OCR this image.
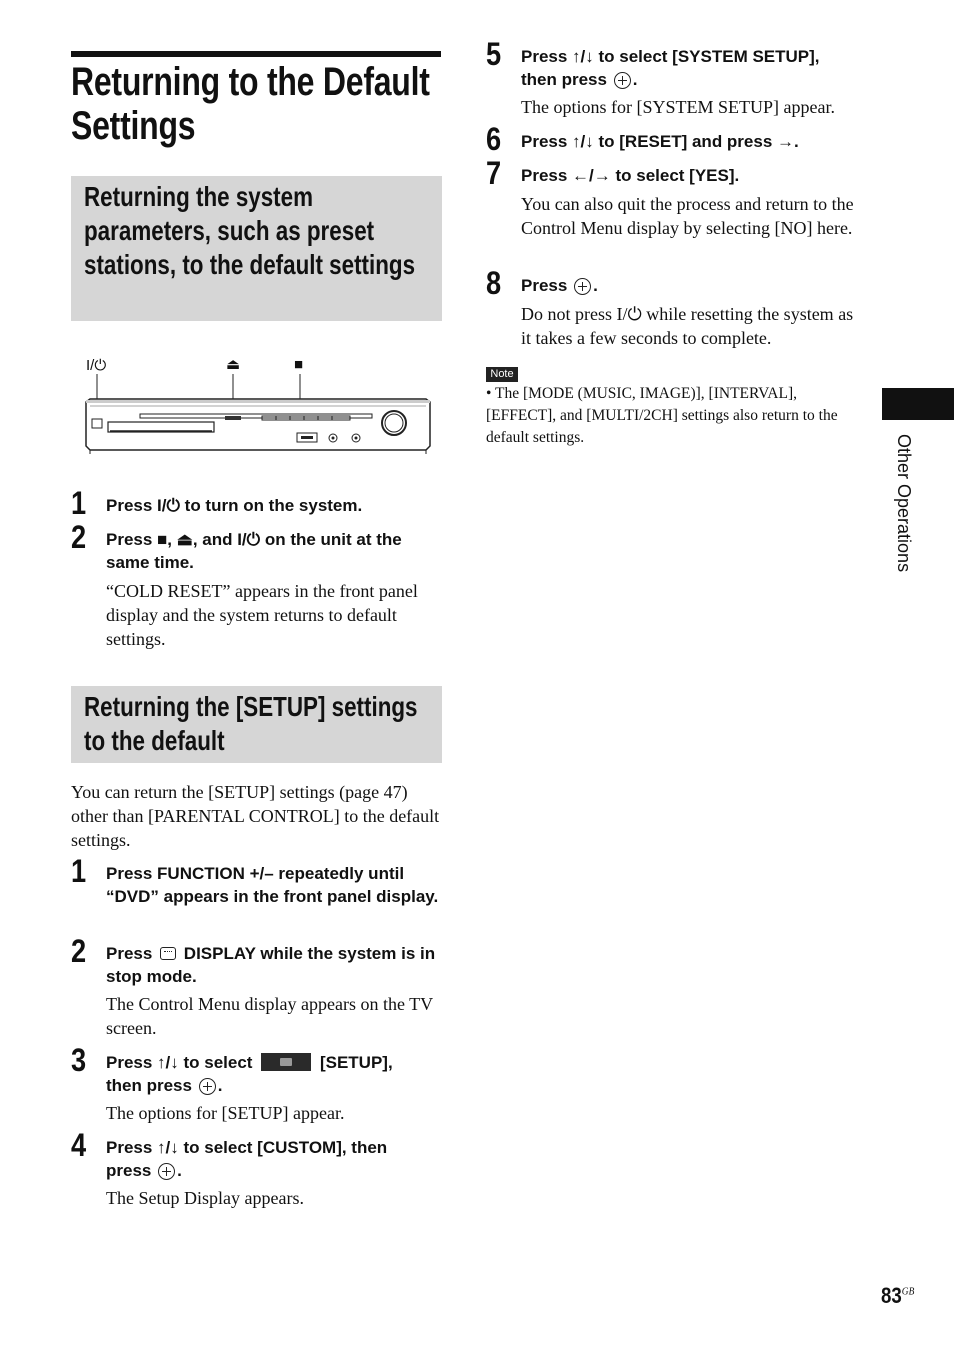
Returning to the Default Settings
Returning the system parameters, such as preset stations, to the default settings
I/⏻	⏏	■
1 Press I/⏻ to turn on the system.
2 Press ■, ⏏, and I/⏻ on the unit at the same time.
“COLD RESET” appears in the front panel display and the system returns to default settings.
Returning the [SETUP] settings to the default
You can return the [SETUP] settings (page 47) other than [PARENTAL CONTROL] to the default settings.
1 Press FUNCTION +/– repeatedly until “DVD” appears in the front panel display.
2 Press DISPLAY while the system is in stop mode.
The Control Menu display appears on the TV screen.
3 Press ↑/↓ to select	[SETUP],
then press .
The options for [SETUP] appear.
4 Press ↑/↓ to select [CUSTOM], then
press .
The Setup Display appears.
5 Press ↑/↓ to select [SYSTEM SETUP],
then press .
The options for [SYSTEM SETUP] appear.
6 Press ↑/↓ to [RESET] and press →.
7 Press ←/→ to select [YES].
You can also quit the process and return to the Control Menu display by selecting [NO] here.
8 Press .
Do not press I/⏻ while resetting the system as it takes a few seconds to complete.
Note
• The [MODE (MUSIC, IMAGE)], [INTERVAL], [EFFECT], and [MULTI/2CH] settings also return to the default settings.	Other Operations
$83^{GB}$
